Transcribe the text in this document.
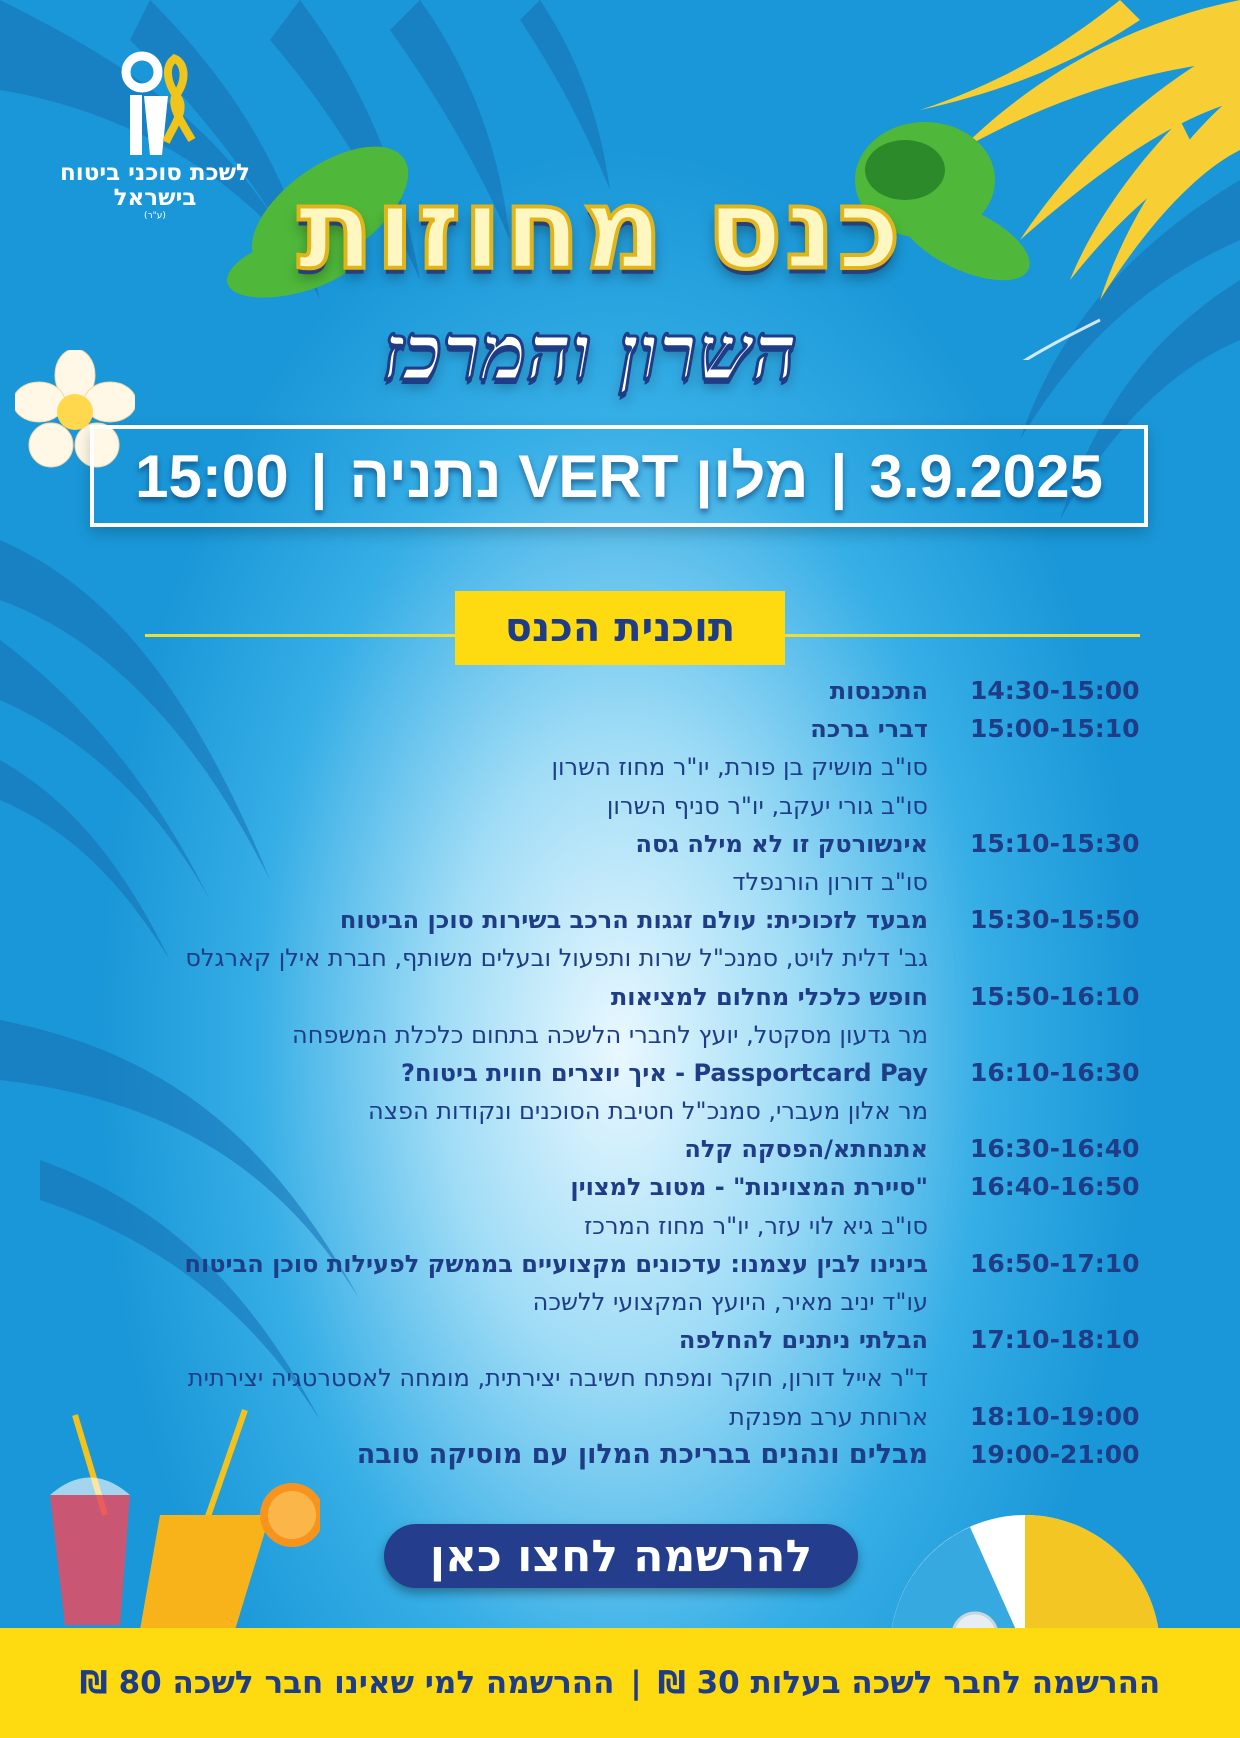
לשכת סוכני ביטוח
בישראל
(ע"ר)	כנס מחוזות
השרון והמרכז
3.9.2025
|
מלון VERT נתניה
|
15:00
תוכנית הכנס
14:30-15:00
התכנסות
15:00-15:10
דברי ברכה
סו"ב מושיק בן פורת, יו"ר מחוז השרון
סו"ב גורי יעקב, יו"ר סניף השרון
15:10-15:30
אינשורטק זו לא מילה גסה
סו"ב דורון הורנפלד
15:30-15:50
מבעד לזכוכית: עולם זגגות הרכב בשירות סוכן הביטוח
גב' דלית לויט, סמנכ"ל שרות ותפעול ובעלים משותף, חברת אילן קארגלס
15:50-16:10
חופש כלכלי מחלום למציאות
מר גדעון מסקטל, יועץ לחברי הלשכה בתחום כלכלת המשפחה
16:10-16:30
Passportcard Pay - איך יוצרים חווית ביטוח?
מר אלון מעברי, סמנכ"ל חטיבת הסוכנים ונקודות הפצה
16:30-16:40
אתנחתא/הפסקה קלה
16:40-16:50
"סיירת המצוינות" - מטוב למצוין
סו"ב גיא לוי עזר, יו"ר מחוז המרכז
16:50-17:10
בינינו לבין עצמנו: עדכונים מקצועיים בממשק לפעילות סוכן הביטוח
עו"ד יניב מאיר, היועץ המקצועי ללשכה
17:10-18:10
הבלתי ניתנים להחלפה
ד"ר אייל דורון, חוקר ומפתח חשיבה יצירתית, מומחה לאסטרטגיה יצירתית
18:10-19:00
ארוחת ערב מפנקת
19:00-21:00
מבלים ונהנים בבריכת המלון עם מוסיקה טובה
להרשמה לחצו כאן
ההרשמה לחבר לשכה בעלות 30 ₪
|
ההרשמה למי שאינו חבר לשכה 80 ₪
